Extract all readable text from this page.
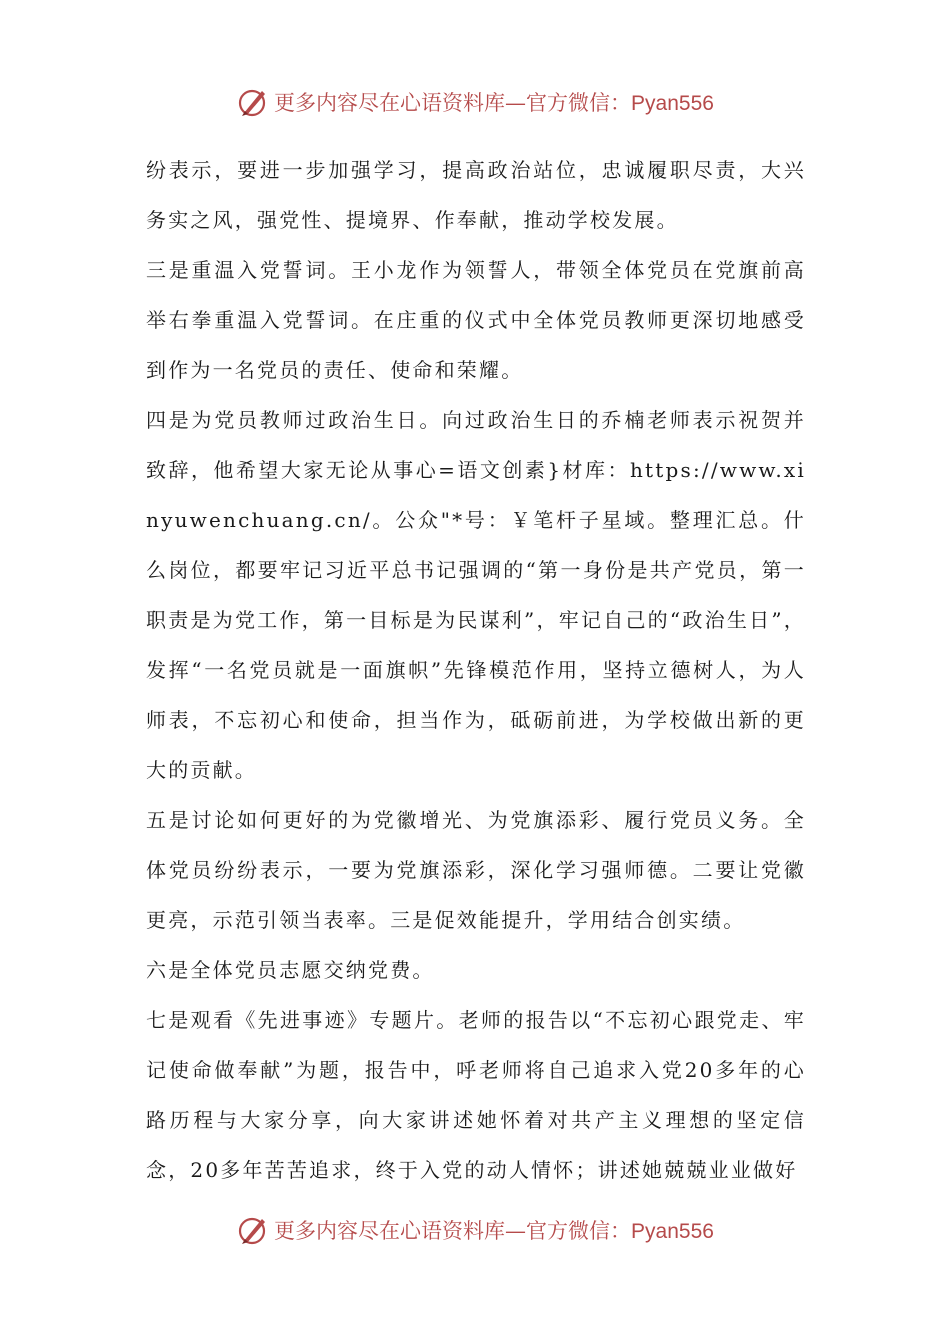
更多内容尽在心语资料库—官方微信：Pyan556

纷表示，要进一步加强学习，提高政治站位，忠诚履职尽责，大兴务实之风，强党性、提境界、作奉献，推动学校发展。

三是重温入党誓词。王小龙作为领誓人，带领全体党员在党旗前高举右拳重温入党誓词。在庄重的仪式中全体党员教师更深切地感受到作为一名党员的责任、使命和荣耀。

四是为党员教师过政治生日。向过政治生日的乔楠老师表示祝贺并致辞，他希望大家无论从事心=语文创素}材库：https://www.xinyuwenchuang.cn/。公众"*号：￥笔杆子星域。整理汇总。什么岗位，都要牢记习近平总书记强调的“第一身份是共产党员，第一职责是为党工作，第一目标是为民谋利”，牢记自己的“政治生日”，发挥“一名党员就是一面旗帜”先锋模范作用，坚持立德树人，为人师表，不忘初心和使命，担当作为，砥砺前进，为学校做出新的更大的贡献。

五是讨论如何更好的为党徽增光、为党旗添彩、履行党员义务。全体党员纷纷表示，一要为党旗添彩，深化学习强师德。二要让党徽更亮，示范引领当表率。三是促效能提升，学用结合创实绩。

六是全体党员志愿交纳党费。

七是观看《先进事迹》专题片。老师的报告以“不忘初心跟党走、牢记使命做奉献”为题，报告中，呼老师将自己追求入党20多年的心路历程与大家分享，向大家讲述她怀着对共产主义理想的坚定信念，20多年苦苦追求，终于入党的动人情怀；讲述她兢兢业业做好

更多内容尽在心语资料库—官方微信：Pyan556
